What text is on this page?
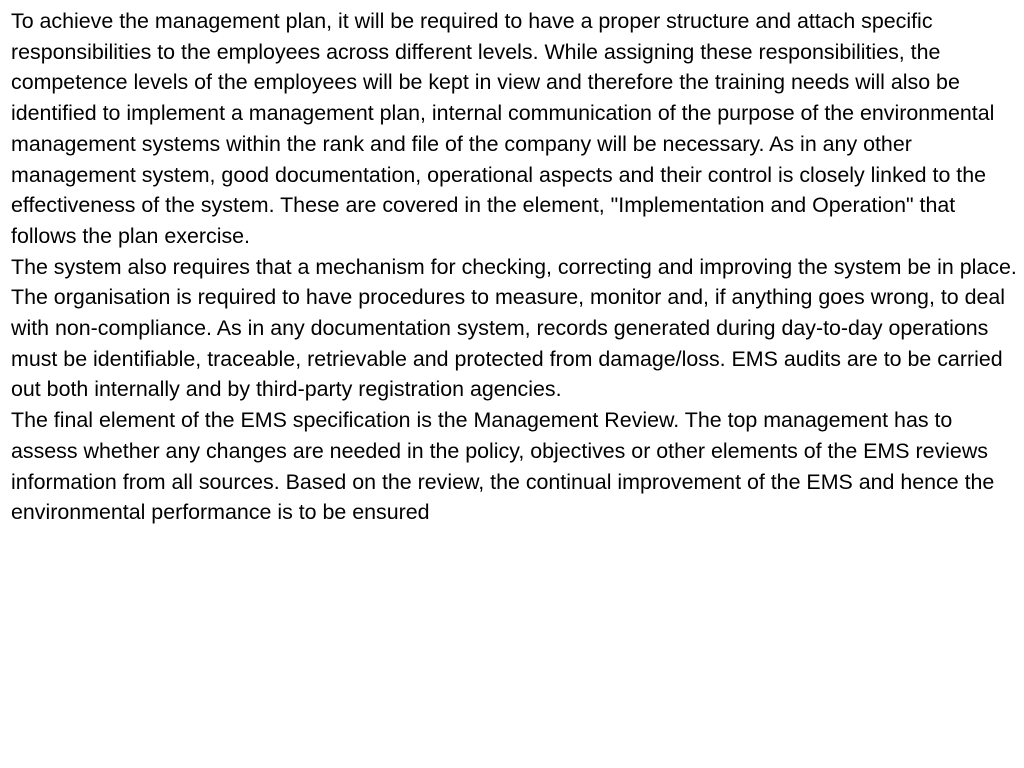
To achieve the management plan, it will be required to have a proper structure and attach specific responsibilities to the employees across different levels. While assigning these responsibilities, the competence levels of the employees will be kept in view and therefore the training needs will also be identified to implement a management plan, internal communication of the purpose of the environmental management systems within the rank and file of the company will be necessary. As in any other management system, good documentation, operational aspects and their control is closely linked to the effectiveness of the system. These are covered in the element, "Implementation and Operation" that follows the plan exercise.

The system also requires that a mechanism for checking, correcting and improving the system be in place. The organisation is required to have procedures to measure, monitor and, if anything goes wrong, to deal with non-compliance. As in any documentation system, records generated during day-to-day operations must be identifiable, traceable, retrievable and protected from damage/loss. EMS audits are to be carried out both internally and by third-party registration agencies.

The final element of the EMS specification is the Management Review. The top management has to assess whether any changes are needed in the policy, objectives or other elements of the EMS reviews information from all sources. Based on the review, the continual improvement of the EMS and hence the environmental performance is to be ensured
